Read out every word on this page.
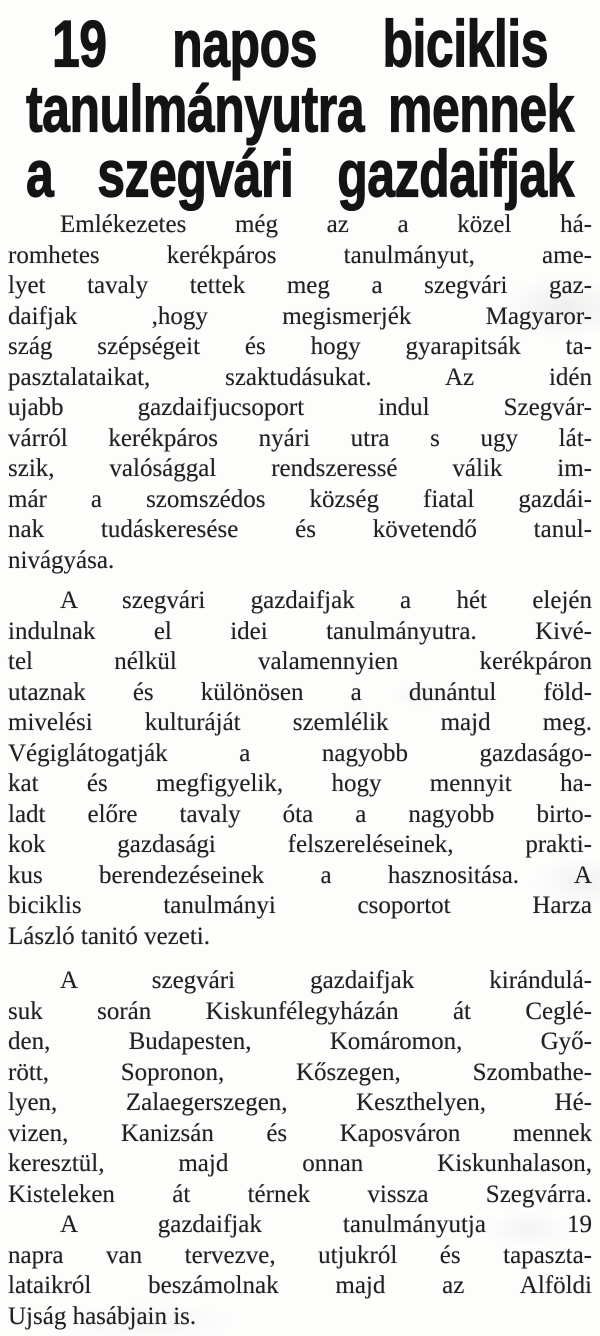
19 napos biciklis
tanulmányutra mennek
a szegvári gazdaifjak
Emlékezetes még az a közel há-
romhetes kerékpáros tanulmányut, ame-
lyet tavaly tettek meg a szegvári gaz-
daifjak ,hogy megismerjék Magyaror-
szág szépségeit és hogy gyarapitsák ta-
pasztalataikat, szaktudásukat. Az idén
ujabb gazdaifjucsoport indul Szegvár-
várról kerékpáros nyári utra s ugy lát-
szik, valósággal rendszeressé válik im-
már a szomszédos község fiatal gazdái-
nak tudáskeresése és követendő tanul-
nivágyása.
A szegvári gazdaifjak a hét elején
indulnak el idei tanulmányutra. Kivé-
tel nélkül valamennyien kerékpáron
utaznak és különösen a dunántul föld-
mivelési kulturáját szemlélik majd meg.
Végiglátogatják a nagyobb gazdaságo-
kat és megfigyelik, hogy mennyit ha-
ladt előre tavaly óta a nagyobb birto-
kok gazdasági felszereléseinek, prakti-
kus berendezéseinek a hasznositása. A
biciklis tanulmányi csoportot Harza
László tanitó vezeti.
A szegvári gazdaifjak kirándulá-
suk során Kiskunfélegyházán át Ceglé-
den, Budapesten, Komáromon, Győ-
rött, Sopronon, Kőszegen, Szombathe-
lyen, Zalaegerszegen, Keszthelyen, Hé-
vizen, Kanizsán és Kaposváron mennek
keresztül, majd onnan Kiskunhalason,
Kisteleken át térnek vissza Szegvárra.
A gazdaifjak tanulmányutja 19
napra van tervezve, utjukról és tapaszta-
lataikról beszámolnak majd az Alföldi
Ujság hasábjain is.
